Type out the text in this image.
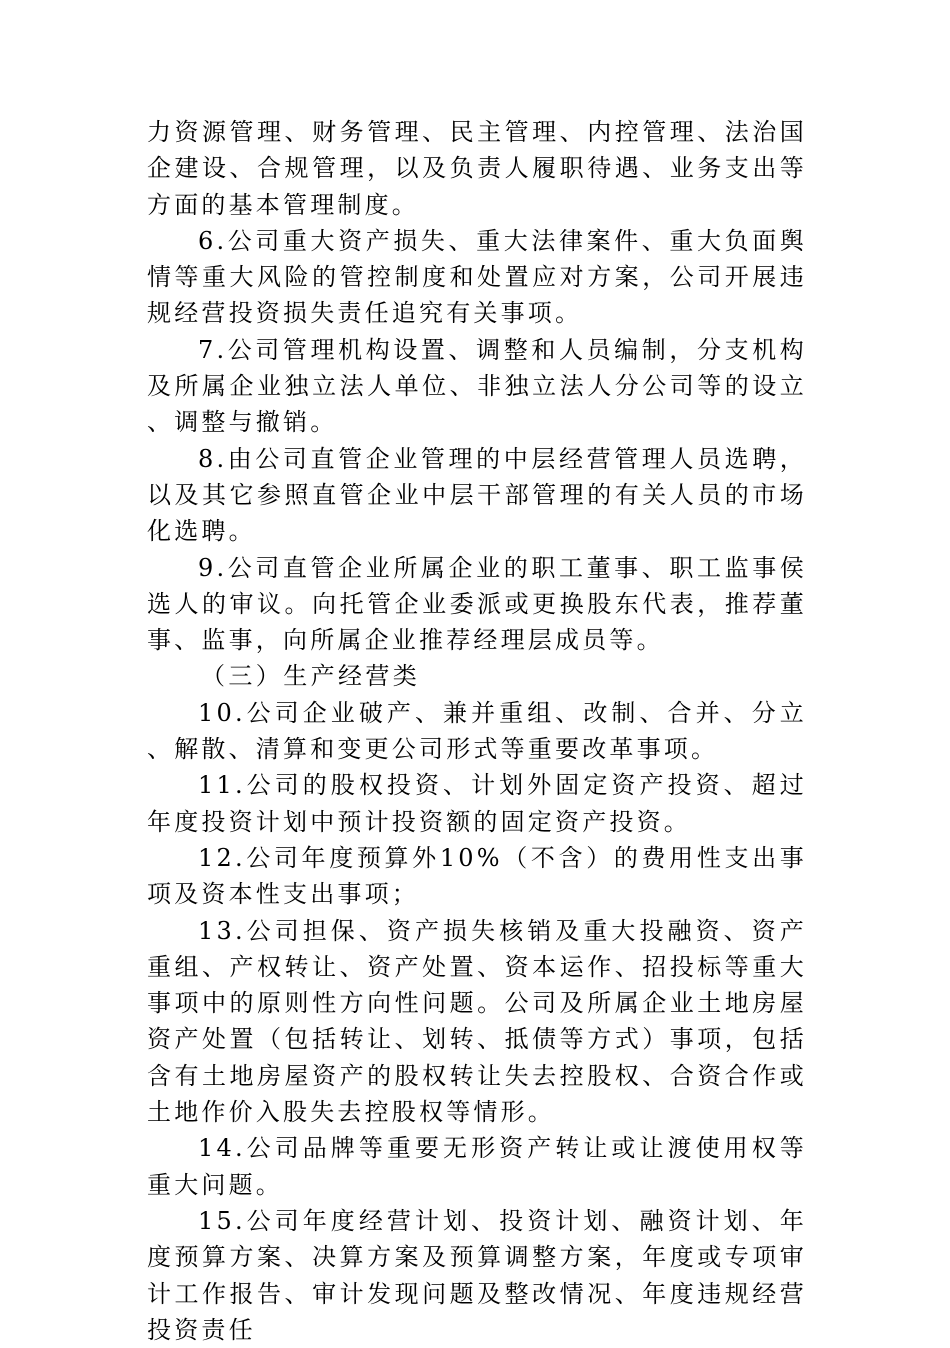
力资源管理、财务管理、民主管理、内控管理、法治国企建设、合规管理，以及负责人履职待遇、业务支出等方面的基本管理制度。

6.公司重大资产损失、重大法律案件、重大负面舆情等重大风险的管控制度和处置应对方案，公司开展违规经营投资损失责任追究有关事项。

7.公司管理机构设置、调整和人员编制，分支机构及所属企业独立法人单位、非独立法人分公司等的设立、调整与撤销。

8.由公司直管企业管理的中层经营管理人员选聘，以及其它参照直管企业中层干部管理的有关人员的市场化选聘。

9.公司直管企业所属企业的职工董事、职工监事侯选人的审议。向托管企业委派或更换股东代表，推荐董事、监事，向所属企业推荐经理层成员等。

（三）生产经营类

10.公司企业破产、兼并重组、改制、合并、分立、解散、清算和变更公司形式等重要改革事项。

11.公司的股权投资、计划外固定资产投资、超过年度投资计划中预计投资额的固定资产投资。

12.公司年度预算外10%（不含）的费用性支出事项及资本性支出事项；

13.公司担保、资产损失核销及重大投融资、资产重组、产权转让、资产处置、资本运作、招投标等重大事项中的原则性方向性问题。公司及所属企业土地房屋资产处置（包括转让、划转、抵债等方式）事项，包括含有土地房屋资产的股权转让失去控股权、合资合作或土地作价入股失去控股权等情形。

14.公司品牌等重要无形资产转让或让渡使用权等重大问题。

15.公司年度经营计划、投资计划、融资计划、年度预算方案、决算方案及预算调整方案，年度或专项审计工作报告、审计发现问题及整改情况、年度违规经营投资责任
